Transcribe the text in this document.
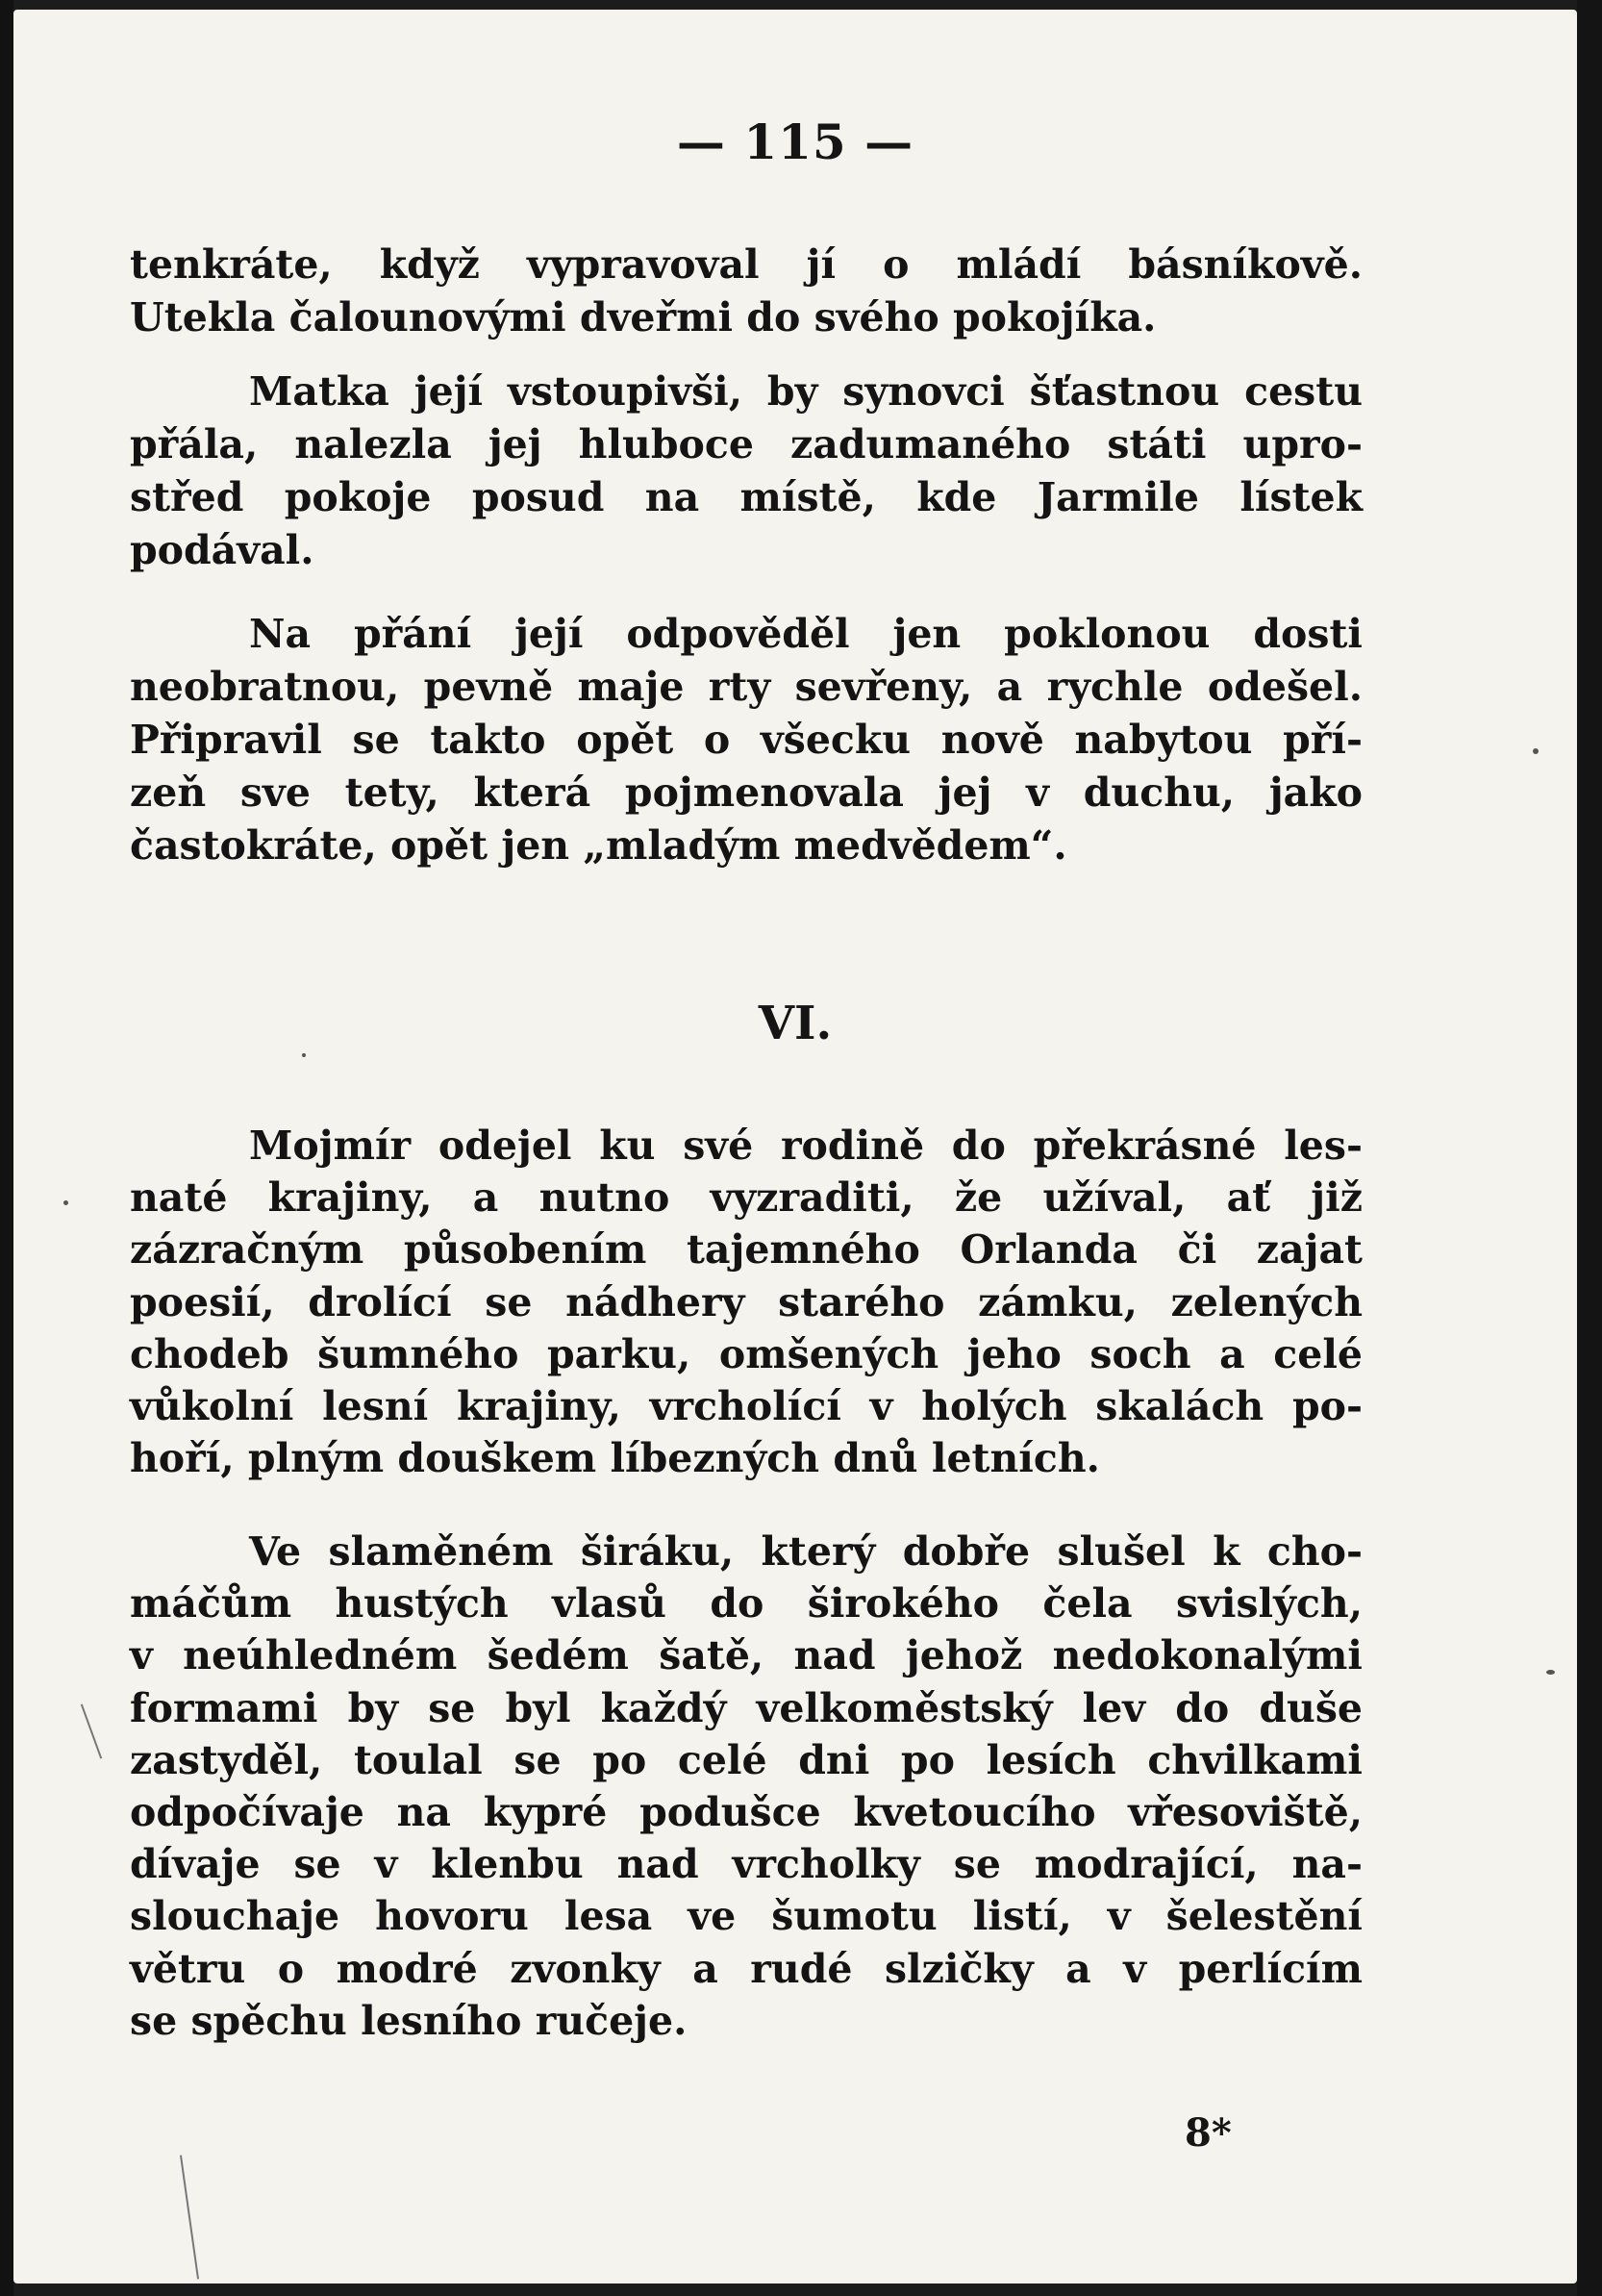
— 115 —
tenkráte, když vypravoval jí o mládí básníkově.
Utekla čalounovými dveřmi do svého pokojíka.
Matka její vstoupivši, by synovci šťastnou cestu
přála, nalezla jej hluboce zadumaného státi upro-
střed pokoje posud na místě, kde Jarmile lístek
podával.
Na přání její odpověděl jen poklonou dosti
neobratnou, pevně maje rty sevřeny, a rychle odešel.
Připravil se takto opět o všecku nově nabytou pří-
zeň sve tety, která pojmenovala jej v duchu, jako
častokráte, opět jen „mladým medvědem“.
VI.
Mojmír odejel ku své rodině do překrásné les-
naté krajiny, a nutno vyzraditi, že užíval, ať již
zázračným působením tajemného Orlanda či zajat
poesií, drolící se nádhery starého zámku, zelených
chodeb šumného parku, omšených jeho soch a celé
vůkolní lesní krajiny, vrcholící v holých skalách po-
hoří, plným douškem líbezných dnů letních.
Ve slaměném širáku, který dobře slušel k cho-
máčům hustých vlasů do širokého čela svislých,
v neúhledném šedém šatě, nad jehož nedokonalými
formami by se byl každý velkoměstský lev do duše
zastyděl, toulal se po celé dni po lesích chvilkami
odpočívaje na kypré podušce kvetoucího vřesoviště,
dívaje se v klenbu nad vrcholky se modrající, na-
slouchaje hovoru lesa ve šumotu listí, v šelestění
větru o modré zvonky a rudé slzičky a v perlícím
se spěchu lesního ručeje.
8*
